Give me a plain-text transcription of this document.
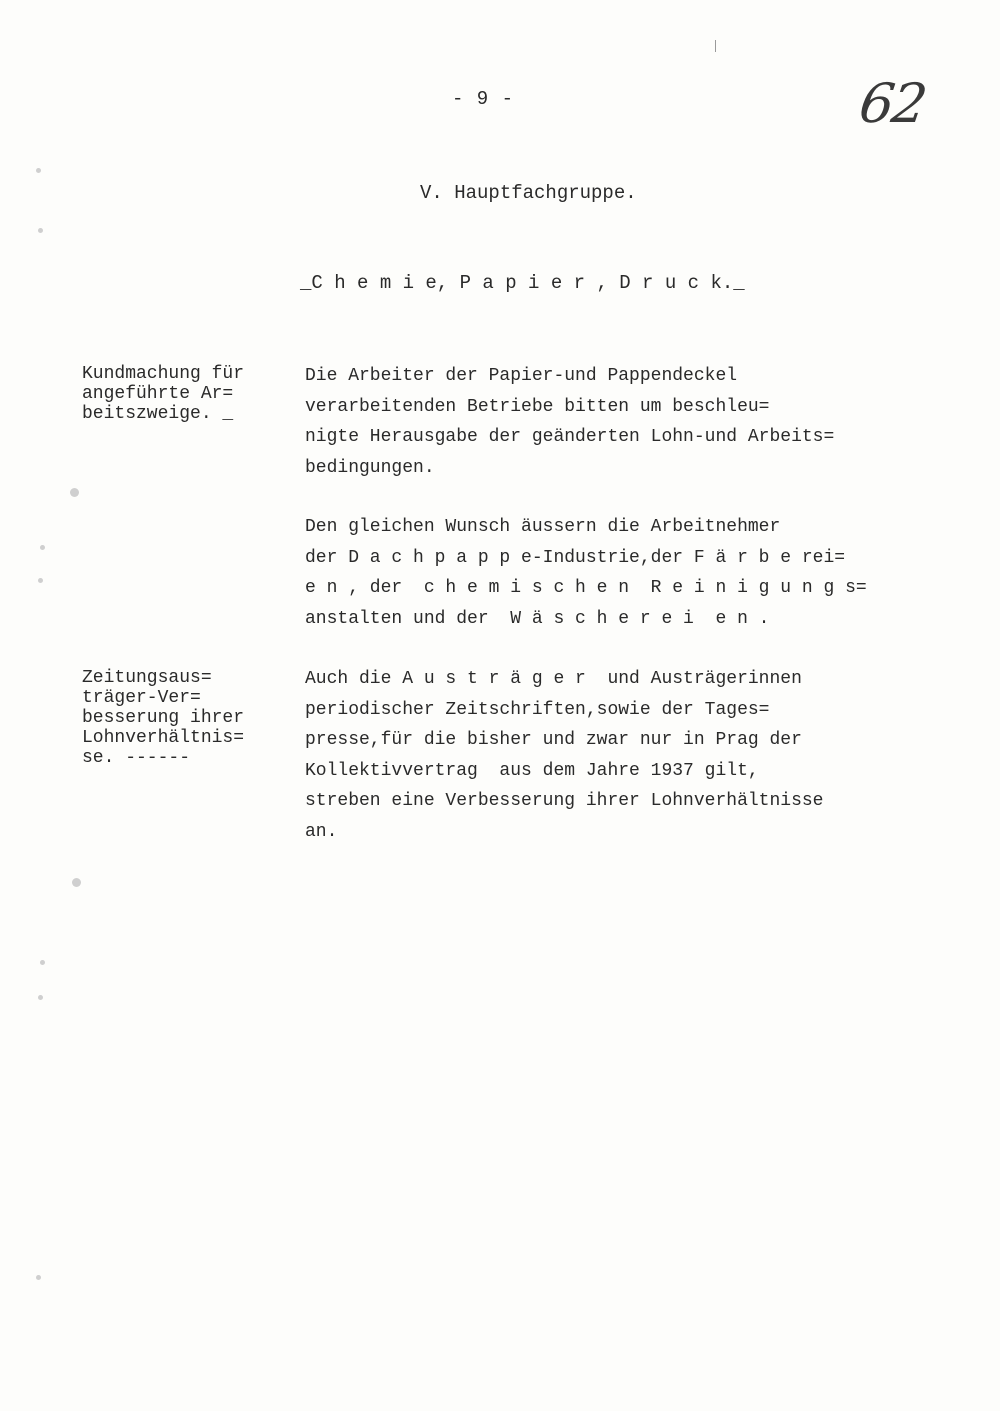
- 9 -	62
V. Hauptfachgruppe.
_C h e m i e, P a p i e r , D r u c k._
Kundmachung für
angeführte Ar=
beitszweige. _
Die Arbeiter der Papier-und Pappendeckel
verarbeitenden Betriebe bitten um beschleu=
nigte Herausgabe der geänderten Lohn-und Arbeits=
bedingungen.
Den gleichen Wunsch äussern die Arbeitnehmer
der D a c h p a p p e-Industrie,der F ä r b e rei=
e n , der  c h e m i s c h e n  R e i n i g u n g s=
anstalten und der  W ä s c h e r e i  e n .
Zeitungsaus=
träger-Ver=
besserung ihrer
Lohnverhältnis=
se. ------
Auch die A u s t r ä g e r  und Austrägerinnen
periodischer Zeitschriften,sowie der Tages=
presse,für die bisher und zwar nur in Prag der
Kollektivvertrag  aus dem Jahre 1937 gilt,
streben eine Verbesserung ihrer Lohnverhältnisse
an.
